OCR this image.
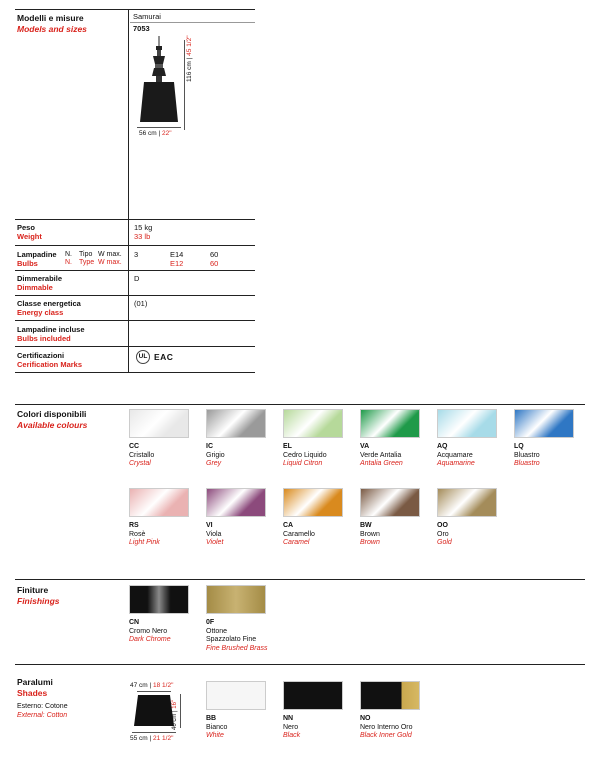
Modelli e misure
Models and sizes
Samurai
7053
116 cm | 45 1/2"
56 cm | 22"
Peso
Weight
15 kg
33 lb
Lampadine
Bulbs
N. Tipo W max.
N. Type W max.
3	E14
E12
60
60
Dimmerabile
Dimmable
D
Classe energetica
Energy class
(01)
Lampadine incluse
Bulbs included
Certificazioni
Cerification Marks
UL EAC
Colori disponibili
Available colours
CC
Cristallo
Crystal
IC
Grigio
Grey
EL
Cedro Liquido
Liquid Citron
VA
Verde Antalia
Antalia Green
AQ
Acquamare
Aquamarine
LQ
Bluastro
Bluastro
RS
Rosè
Light Pink
VI
Viola
Violet
CA
Caramello
Caramel
BW
Brown
Brown
OO
Oro
Gold
Finiture
Finishings
CN
Cromo Nero
Dark Chrome
0F
Ottone
Spazzolato Fine
Fine Brushed Brass
Paralumi
Shades
Esterno: Cotone
External: Cotton
47 cm | 18 1/2"
40 cm | 16"
55 cm | 21 1/2"
BB
Bianco
White
NN
Nero
Black
NO
Nero Interno Oro
Black Inner Gold
